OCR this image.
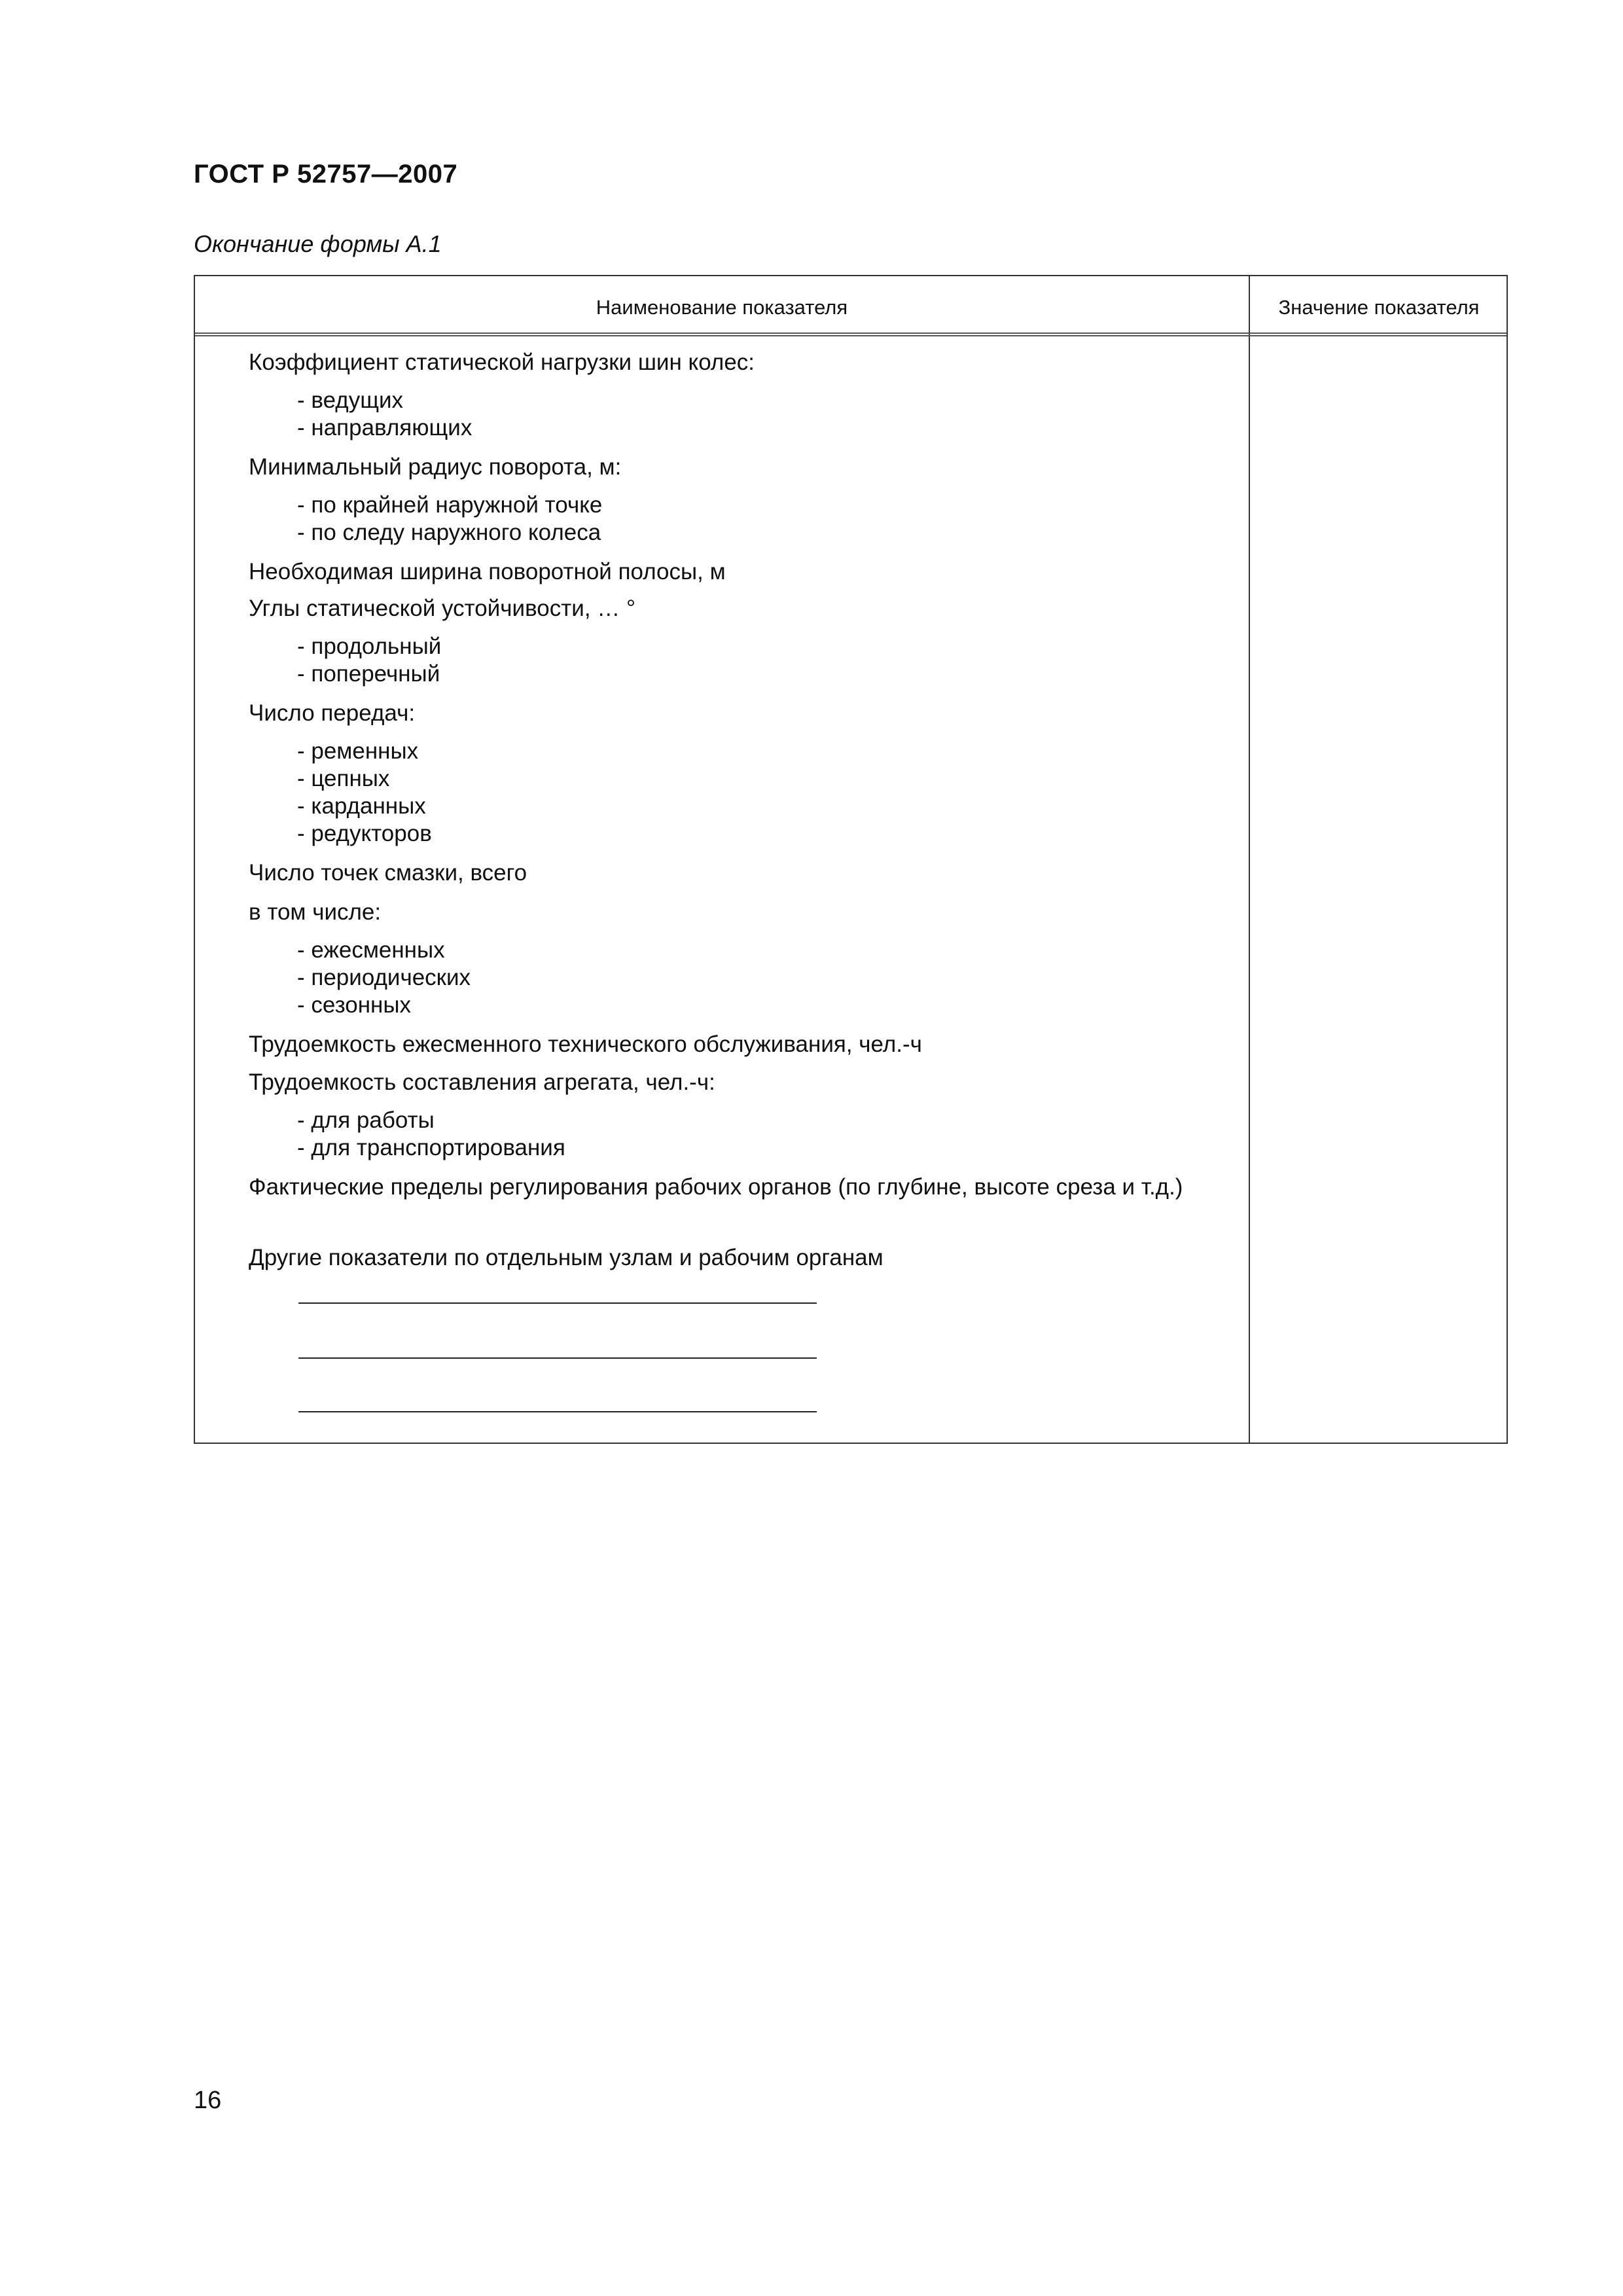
ГОСТ Р 52757—2007
Окончание формы А.1
Наименование показателя	Значение показателя
Коэффициент статической нагрузки шин колес:
- ведущих
- направляющих
Минимальный радиус поворота, м:
- по крайней наружной точке
- по следу наружного колеса
Необходимая ширина поворотной полосы, м
Углы статической устойчивости, … °
- продольный
- поперечный
Число передач:
- ременных
- цепных
- карданных
- редукторов
Число точек смазки, всего
в том числе:
- ежесменных
- периодических
- сезонных
Трудоемкость ежесменного технического обслуживания, чел.-ч
Трудоемкость составления агрегата, чел.-ч:
- для работы
- для транспортирования
Фактические пределы регулирования рабочих органов (по глубине, высоте среза и т.д.)
Другие показатели по отдельным узлам и рабочим органам
16
